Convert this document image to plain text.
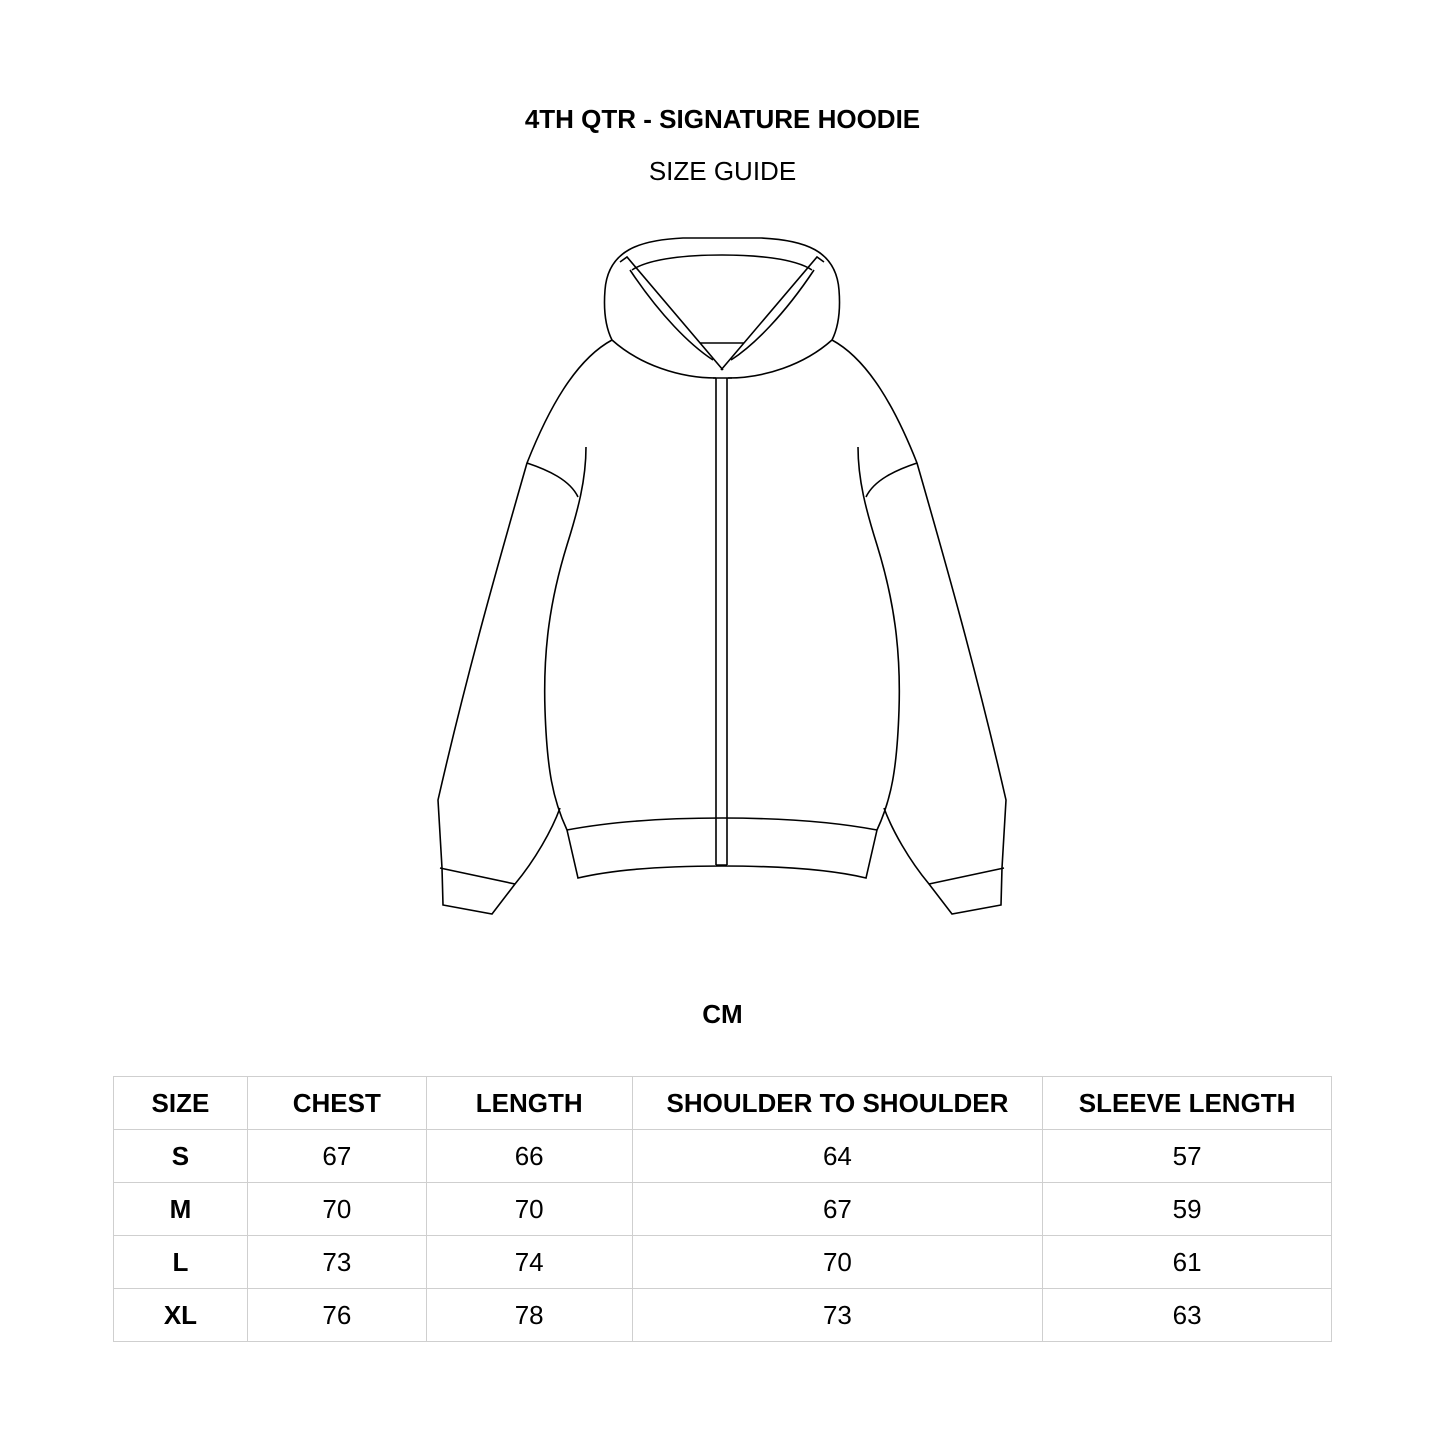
4TH QTR - SIGNATURE HOODIE
SIZE GUIDE
CM
SIZE	CHEST	LENGTH	SHOULDER TO SHOULDER	SLEEVE LENGTH
S	67	66	64	57
M	70	70	67	59
L	73	74	70	61
XL	76	78	73	63
